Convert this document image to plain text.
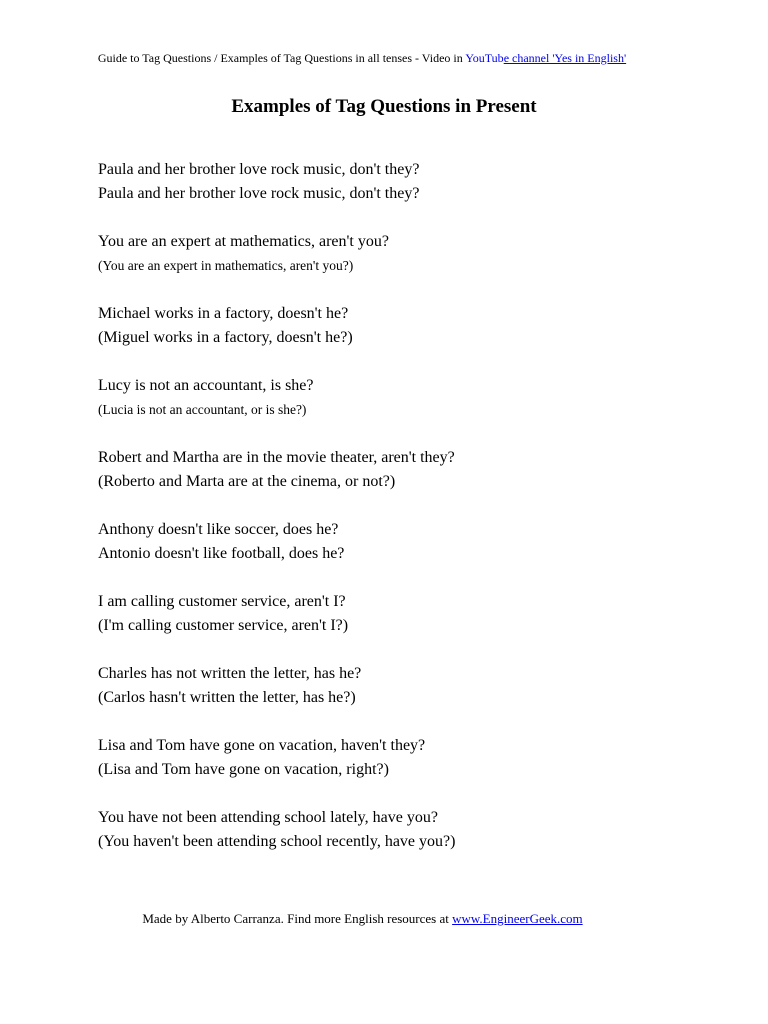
Guide to Tag Questions / Examples of Tag Questions in all tenses - Video in YouTube channel 'Yes in English'
Examples of Tag Questions in Present
Paula and her brother love rock music, don't they?
Paula and her brother love rock music, don't they?
You are an expert at mathematics, aren't you?
(You are an expert in mathematics, aren't you?)
Michael works in a factory, doesn't he?
(Miguel works in a factory, doesn't he?)
Lucy is not an accountant, is she?
(Lucia is not an accountant, or is she?)
Robert and Martha are in the movie theater, aren't they?
(Roberto and Marta are at the cinema, or not?)
Anthony doesn't like soccer, does he?
Antonio doesn't like football, does he?
I am calling customer service, aren't I?
(I'm calling customer service, aren't I?)
Charles has not written the letter, has he?
(Carlos hasn't written the letter, has he?)
Lisa and Tom have gone on vacation, haven't they?
(Lisa and Tom have gone on vacation, right?)
You have not been attending school lately, have you?
(You haven't been attending school recently, have you?)
Made by Alberto Carranza. Find more English resources at www.EngineerGeek.com
